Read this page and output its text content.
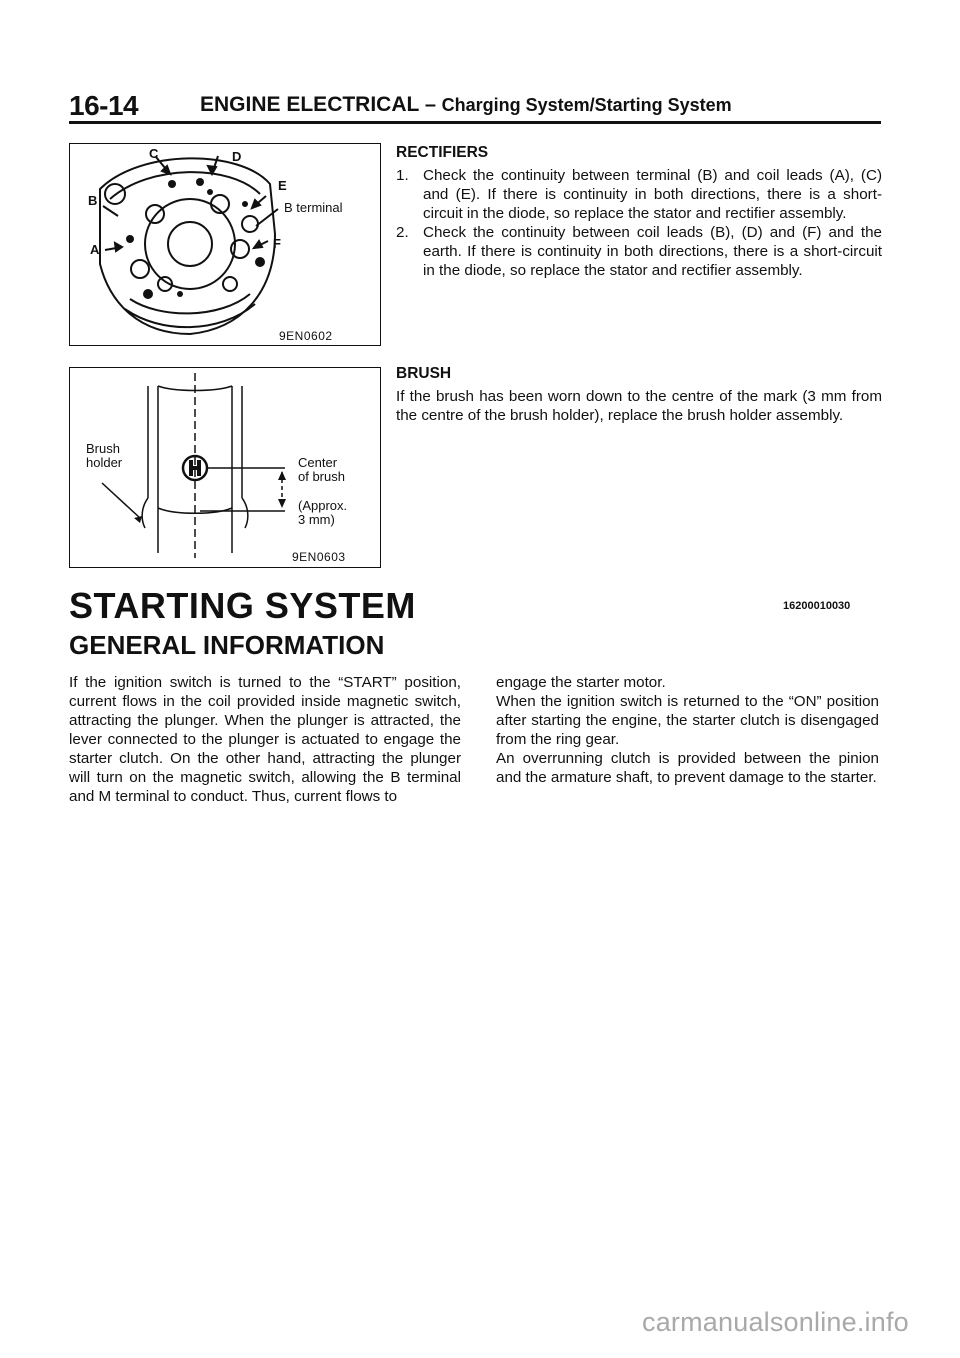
16-14	ENGINE ELECTRICAL – Charging System/Starting System
C	D
E
B	B terminal
A	F
9EN0602
Brush
holder	Center
of brush
(Approx.
3 mm)
9EN0603
RECTIFIERS
1. Check the continuity between terminal (B) and coil leads (A), (C) and (E). If there is continuity in both directions, there is a short-circuit in the diode, so replace the stator and rectifier assembly.
2. Check the continuity between coil leads (B), (D) and (F) and the earth. If there is continuity in both directions, there is a short-circuit in the diode, so replace the stator and rectifier assembly.
BRUSH

If the brush has been worn down to the centre of the mark (3 mm from the centre of the brush holder), replace the brush holder assembly.

STARTING SYSTEM	16200010030
GENERAL INFORMATION

If the ignition switch is turned to the “START” position, current flows in the coil provided inside magnetic switch, attracting the plunger. When the plunger is attracted, the lever connected to the plunger is actuated to engage the starter clutch. On the other hand, attracting the plunger will turn on the magnetic switch, allowing the B terminal and M terminal to conduct. Thus, current flows to

engage the starter motor.

When the ignition switch is returned to the “ON” position after starting the engine, the starter clutch is disengaged from the ring gear.

An overrunning clutch is provided between the pinion and the armature shaft, to prevent damage to the starter.

carmanualsonline.info
